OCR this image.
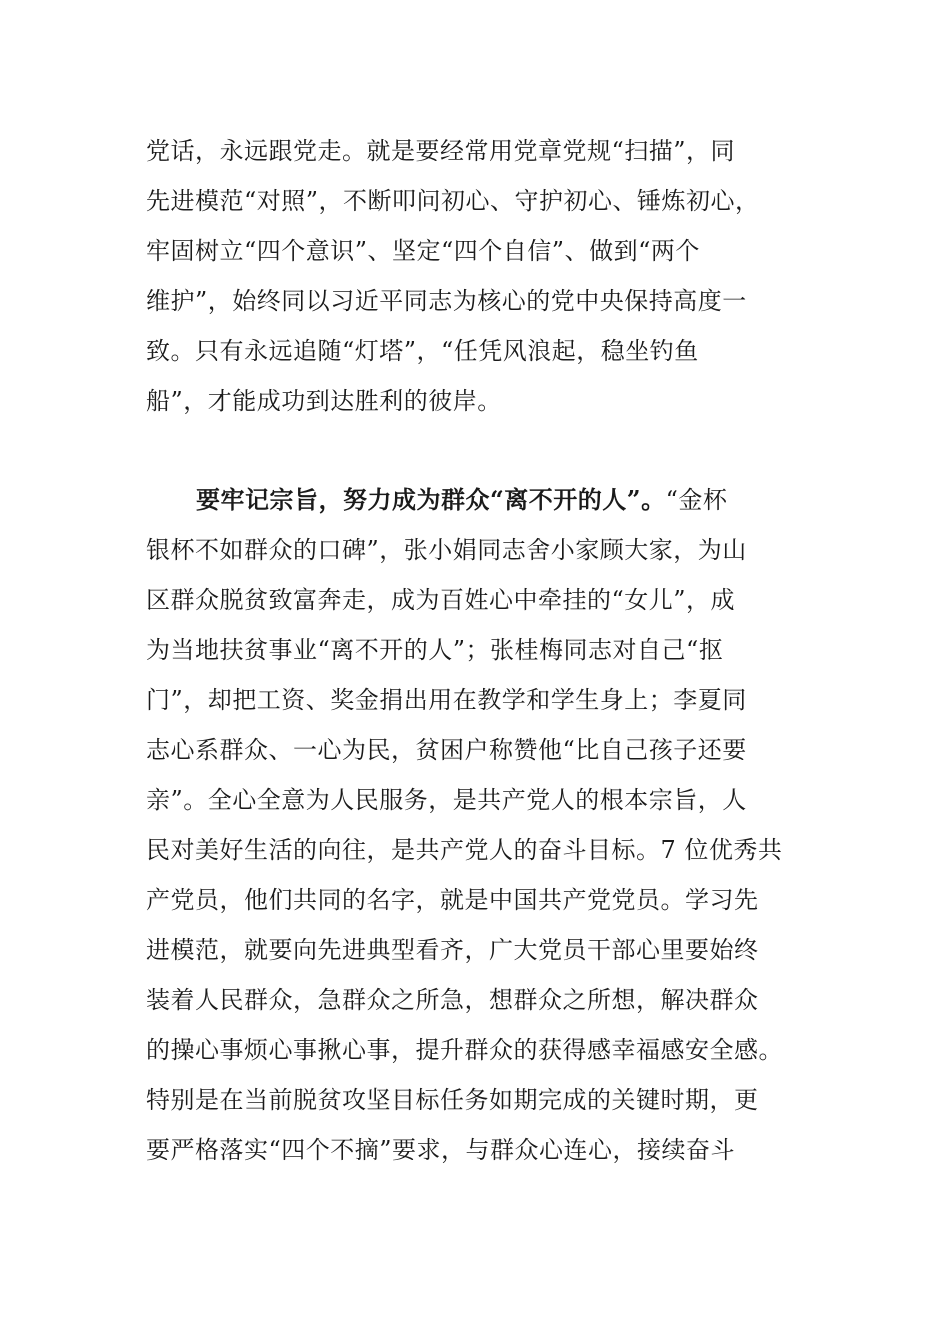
党话，永远跟党走。就是要经常用党章党规“扫描”，同
先进模范“对照”，不断叩问初心、守护初心、锤炼初心，
牢固树立“四个意识”、坚定“四个自信”、做到“两个
维护”，始终同以习近平同志为核心的党中央保持高度一
致。只有永远追随“灯塔”，“任凭风浪起，稳坐钓鱼
船”，才能成功到达胜利的彼岸。
要牢记宗旨，努力成为群众“离不开的人”。“金杯
银杯不如群众的口碑”，张小娟同志舍小家顾大家，为山
区群众脱贫致富奔走，成为百姓心中牵挂的“女儿”，成
为当地扶贫事业“离不开的人”；张桂梅同志对自己“抠
门”，却把工资、奖金捐出用在教学和学生身上；李夏同
志心系群众、一心为民，贫困户称赞他“比自己孩子还要
亲”。全心全意为人民服务，是共产党人的根本宗旨，人
民对美好生活的向往，是共产党人的奋斗目标。7 位优秀共
产党员，他们共同的名字，就是中国共产党党员。学习先
进模范，就要向先进典型看齐，广大党员干部心里要始终
装着人民群众，急群众之所急，想群众之所想，解决群众
的操心事烦心事揪心事，提升群众的获得感幸福感安全感。
特别是在当前脱贫攻坚目标任务如期完成的关键时期，更
要严格落实“四个不摘”要求，与群众心连心，接续奋斗
